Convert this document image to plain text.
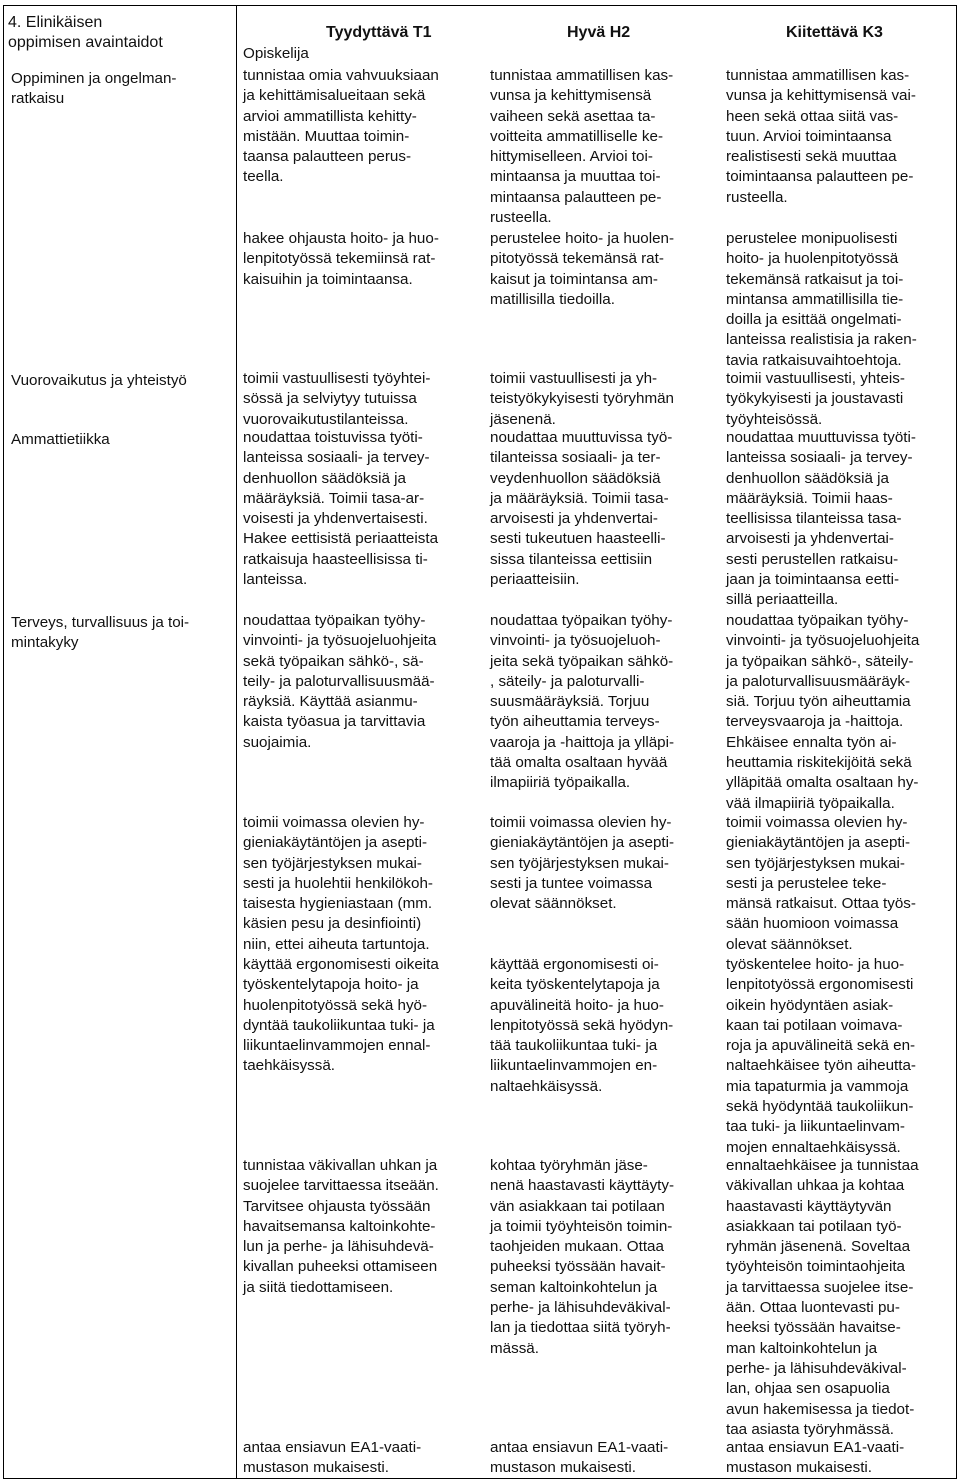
4. Elinikäisen
oppimisen avaintaidot
Tyydyttävä T1	Hyvä H2	Kiitettävä K3
Opiskelija
Oppiminen ja ongelman-
ratkaisu
Vuorovaikutus ja yhteistyö
Ammattietiikka
Terveys, turvallisuus ja toi-
mintakyky
tunnistaa omia vahvuuksiaan
ja kehittämisalueitaan sekä
arvioi ammatillista kehitty-
mistään. Muuttaa toimin-
taansa palautteen perus-
teella.
tunnistaa ammatillisen kas-
vunsa ja kehittymisensä
vaiheen sekä asettaa ta-
voitteita ammatilliselle ke-
hittymiselleen. Arvioi toi-
mintaansa ja muuttaa toi-
mintaansa palautteen pe-
rusteella.
tunnistaa ammatillisen kas-
vunsa ja kehittymisensä vai-
heen sekä ottaa siitä vas-
tuun. Arvioi toimintaansa
realistisesti sekä muuttaa
toimintaansa palautteen pe-
rusteella.
hakee ohjausta hoito- ja huo-
lenpitotyössä tekemiinsä rat-
kaisuihin ja toimintaansa.
perustelee hoito- ja huolen-
pitotyössä tekemänsä rat-
kaisut ja toimintansa am-
matillisilla tiedoilla.
perustelee monipuolisesti
hoito- ja huolenpitotyössä
tekemänsä ratkaisut ja toi-
mintansa ammatillisilla tie-
doilla ja esittää ongelmati-
lanteissa realistisia ja raken-
tavia ratkaisuvaihtoehtoja.
toimii vastuullisesti työyhtei-
sössä ja selviytyy tutuissa
vuorovaikutustilanteissa.
toimii vastuullisesti ja yh-
teistyökykyisesti työryhmän
jäsenenä.
toimii vastuullisesti, yhteis-
työkykyisesti ja joustavasti
työyhteisössä.
noudattaa toistuvissa työti-
lanteissa sosiaali- ja tervey-
denhuollon säädöksiä ja
määräyksiä. Toimii tasa-ar-
voisesti ja yhdenvertaisesti.
Hakee eettisistä periaatteista
ratkaisuja haasteellisissa ti-
lanteissa.
noudattaa muuttuvissa työ-
tilanteissa sosiaali- ja ter-
veydenhuollon säädöksiä
ja määräyksiä. Toimii tasa-
arvoisesti ja yhdenvertai-
sesti tukeutuen haasteelli-
sissa tilanteissa eettisiin
periaatteisiin.
noudattaa muuttuvissa työti-
lanteissa sosiaali- ja tervey-
denhuollon säädöksiä ja
määräyksiä. Toimii haas-
teellisissa tilanteissa tasa-
arvoisesti ja yhdenvertai-
sesti perustellen ratkaisu-
jaan ja toimintaansa eetti-
sillä periaatteilla.
noudattaa työpaikan työhy-
vinvointi- ja työsuojeluohjeita
sekä työpaikan sähkö-, sä-
teily- ja paloturvallisuusmää-
räyksiä. Käyttää asianmu-
kaista työasua ja tarvittavia
suojaimia.
noudattaa työpaikan työhy-
vinvointi- ja työsuojeluoh-
jeita sekä työpaikan sähkö-
, säteily- ja paloturvalli-
suusmääräyksiä. Torjuu
työn aiheuttamia terveys-
vaaroja ja -haittoja ja ylläpi-
tää omalta osaltaan hyvää
ilmapiiriä työpaikalla.
noudattaa työpaikan työhy-
vinvointi- ja työsuojeluohjeita
ja työpaikan sähkö-, säteily-
ja paloturvallisuusmääräyk-
siä. Torjuu työn aiheuttamia
terveysvaaroja ja -haittoja.
Ehkäisee ennalta työn ai-
heuttamia riskitekijöitä sekä
ylläpitää omalta osaltaan hy-
vää ilmapiiriä työpaikalla.
toimii voimassa olevien hy-
gieniakäytäntöjen ja asepti-
sen työjärjestyksen mukai-
sesti ja huolehtii henkilökoh-
taisesta hygieniastaan (mm.
käsien pesu ja desinfiointi)
niin, ettei aiheuta tartuntoja.
toimii voimassa olevien hy-
gieniakäytäntöjen ja asepti-
sen työjärjestyksen mukai-
sesti ja tuntee voimassa
olevat säännökset.
toimii voimassa olevien hy-
gieniakäytäntöjen ja asepti-
sen työjärjestyksen mukai-
sesti ja perustelee teke-
mänsä ratkaisut. Ottaa työs-
sään huomioon voimassa
olevat säännökset.
käyttää ergonomisesti oikeita
työskentelytapoja hoito- ja
huolenpitotyössä sekä hyö-
dyntää taukoliikuntaa tuki- ja
liikuntaelinvammojen ennal-
taehkäisyssä.
käyttää ergonomisesti oi-
keita työskentelytapoja ja
apuvälineitä hoito- ja huo-
lenpitotyössä sekä hyödyn-
tää taukoliikuntaa tuki- ja
liikuntaelinvammojen en-
naltaehkäisyssä.
työskentelee hoito- ja huo-
lenpitotyössä ergonomisesti
oikein hyödyntäen asiak-
kaan tai potilaan voimava-
roja ja apuvälineitä sekä en-
naltaehkäisee työn aiheutta-
mia tapaturmia ja vammoja
sekä hyödyntää taukoliikun-
taa tuki- ja liikuntaelinvam-
mojen ennaltaehkäisyssä.
tunnistaa väkivallan uhkan ja
suojelee tarvittaessa itseään.
Tarvitsee ohjausta työssään
havaitsemansa kaltoinkohte-
lun ja perhe- ja lähisuhdevä-
kivallan puheeksi ottamiseen
ja siitä tiedottamiseen.
kohtaa työryhmän jäse-
nenä haastavasti käyttäyty-
vän asiakkaan tai potilaan
ja toimii työyhteisön toimin-
taohjeiden mukaan. Ottaa
puheeksi työssään havait-
seman kaltoinkohtelun ja
perhe- ja lähisuhdeväkival-
lan ja tiedottaa siitä työryh-
mässä.
ennaltaehkäisee ja tunnistaa
väkivallan uhkaa ja kohtaa
haastavasti käyttäytyvän
asiakkaan tai potilaan työ-
ryhmän jäsenenä. Soveltaa
työyhteisön toimintaohjeita
ja tarvittaessa suojelee itse-
ään. Ottaa luontevasti pu-
heeksi työssään havaitse-
man kaltoinkohtelun ja
perhe- ja lähisuhdeväkival-
lan, ohjaa sen osapuolia
avun hakemisessa ja tiedot-
taa asiasta työryhmässä.
antaa ensiavun EA1-vaati-
mustason mukaisesti.
antaa ensiavun EA1-vaati-
mustason mukaisesti.
antaa ensiavun EA1-vaati-
mustason mukaisesti.
